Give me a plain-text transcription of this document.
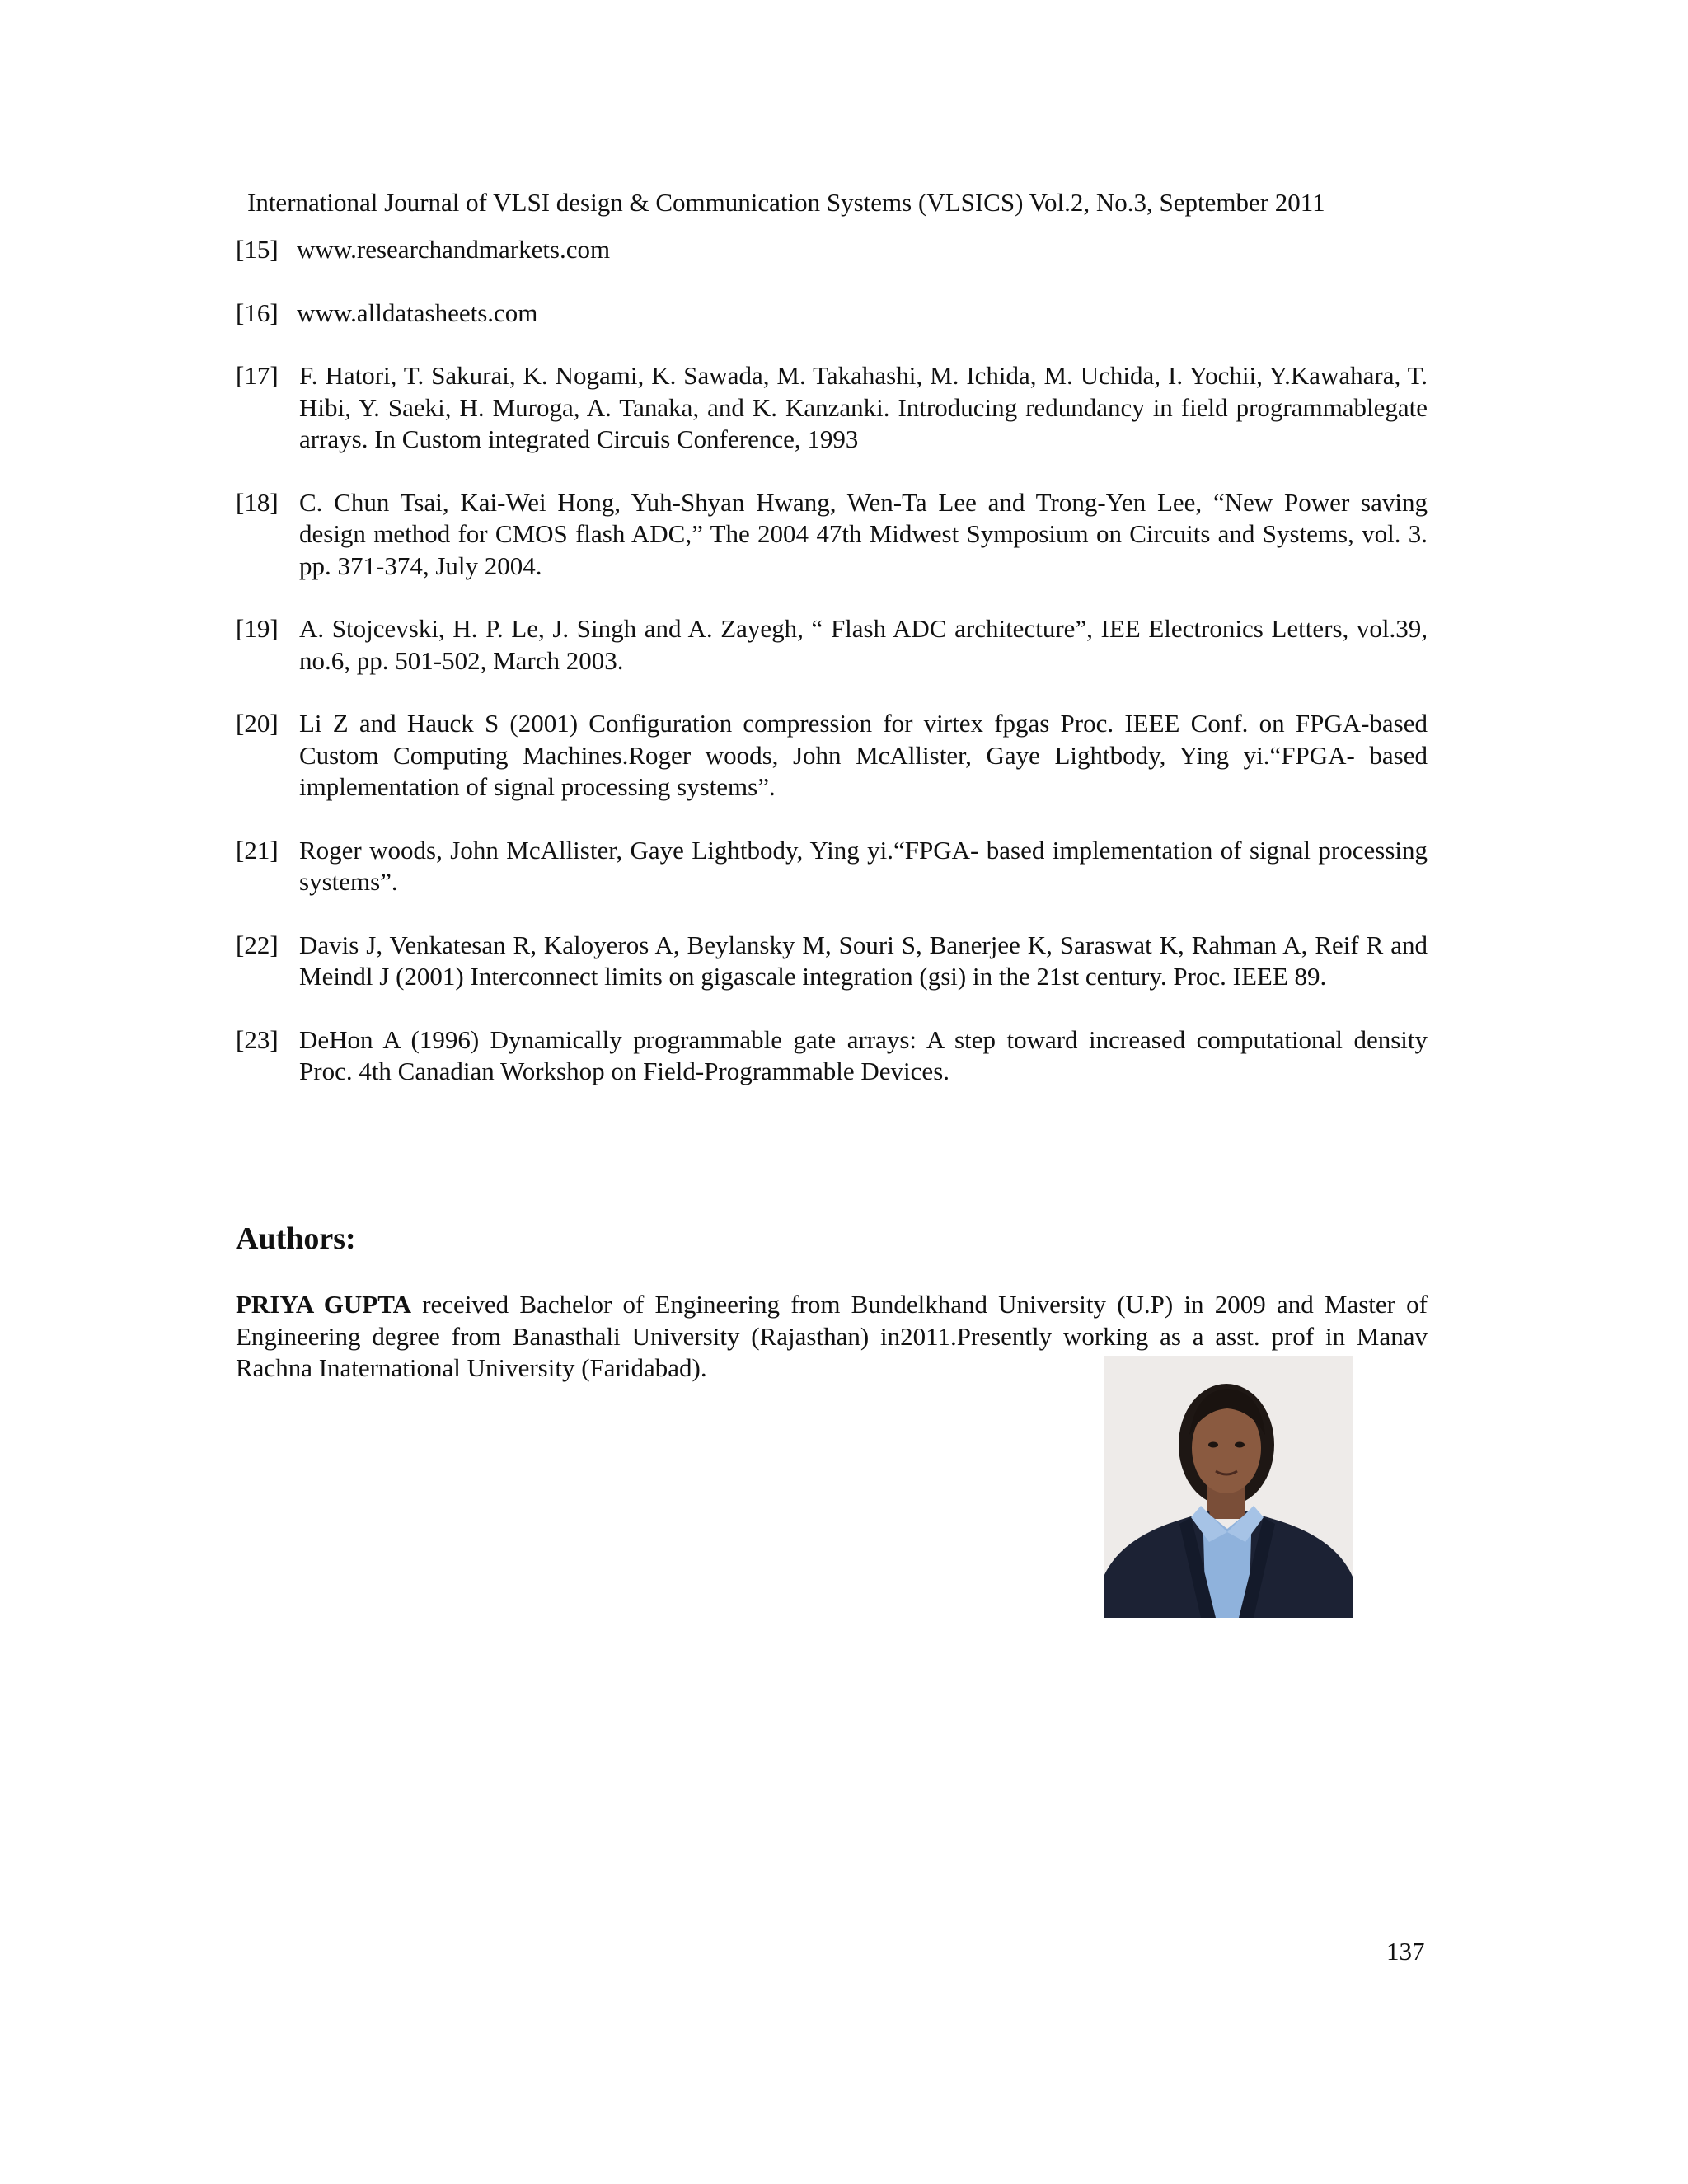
International Journal of VLSI design & Communication Systems (VLSICS) Vol.2, No.3, September 2011
[15] www.researchandmarkets.com
[16] www.alldatasheets.com
[17] F. Hatori, T. Sakurai, K. Nogami, K. Sawada, M. Takahashi, M. Ichida, M. Uchida, I. Yochii, Y.Kawahara, T. Hibi, Y. Saeki, H. Muroga, A. Tanaka, and K. Kanzanki. Introducing redundancy in field programmablegate arrays. In Custom integrated Circuis Conference, 1993
[18] C. Chun Tsai, Kai-Wei Hong, Yuh-Shyan Hwang, Wen-Ta Lee and Trong-Yen Lee, “New Power saving design method for CMOS flash ADC,” The 2004 47th Midwest Symposium on Circuits and Systems, vol. 3. pp. 371-374, July 2004.
[19] A. Stojcevski, H. P. Le, J. Singh and A. Zayegh, “ Flash ADC architecture”, IEE Electronics Letters, vol.39, no.6, pp. 501-502, March 2003.
[20] Li Z and Hauck S (2001) Configuration compression for virtex fpgas Proc. IEEE Conf. on FPGA-based Custom Computing Machines.Roger woods, John McAllister, Gaye Lightbody, Ying yi.“FPGA- based implementation of signal processing systems”.
[21] Roger woods, John McAllister, Gaye Lightbody, Ying yi.“FPGA- based implementation of signal processing systems”.
[22] Davis J, Venkatesan R, Kaloyeros A, Beylansky M, Souri S, Banerjee K, Saraswat K, Rahman A, Reif R and Meindl J (2001) Interconnect limits on gigascale integration (gsi) in the 21st century. Proc. IEEE 89.
[23] DeHon A (1996) Dynamically programmable gate arrays: A step toward increased computational density Proc. 4th Canadian Workshop on Field-Programmable Devices.
Authors:
PRIYA GUPTA received Bachelor of Engineering from Bundelkhand University (U.P) in 2009 and Master of Engineering degree from Banasthali University (Rajasthan) in2011.Presently working as a asst. prof in Manav Rachna Inaternational University (Faridabad).
137
